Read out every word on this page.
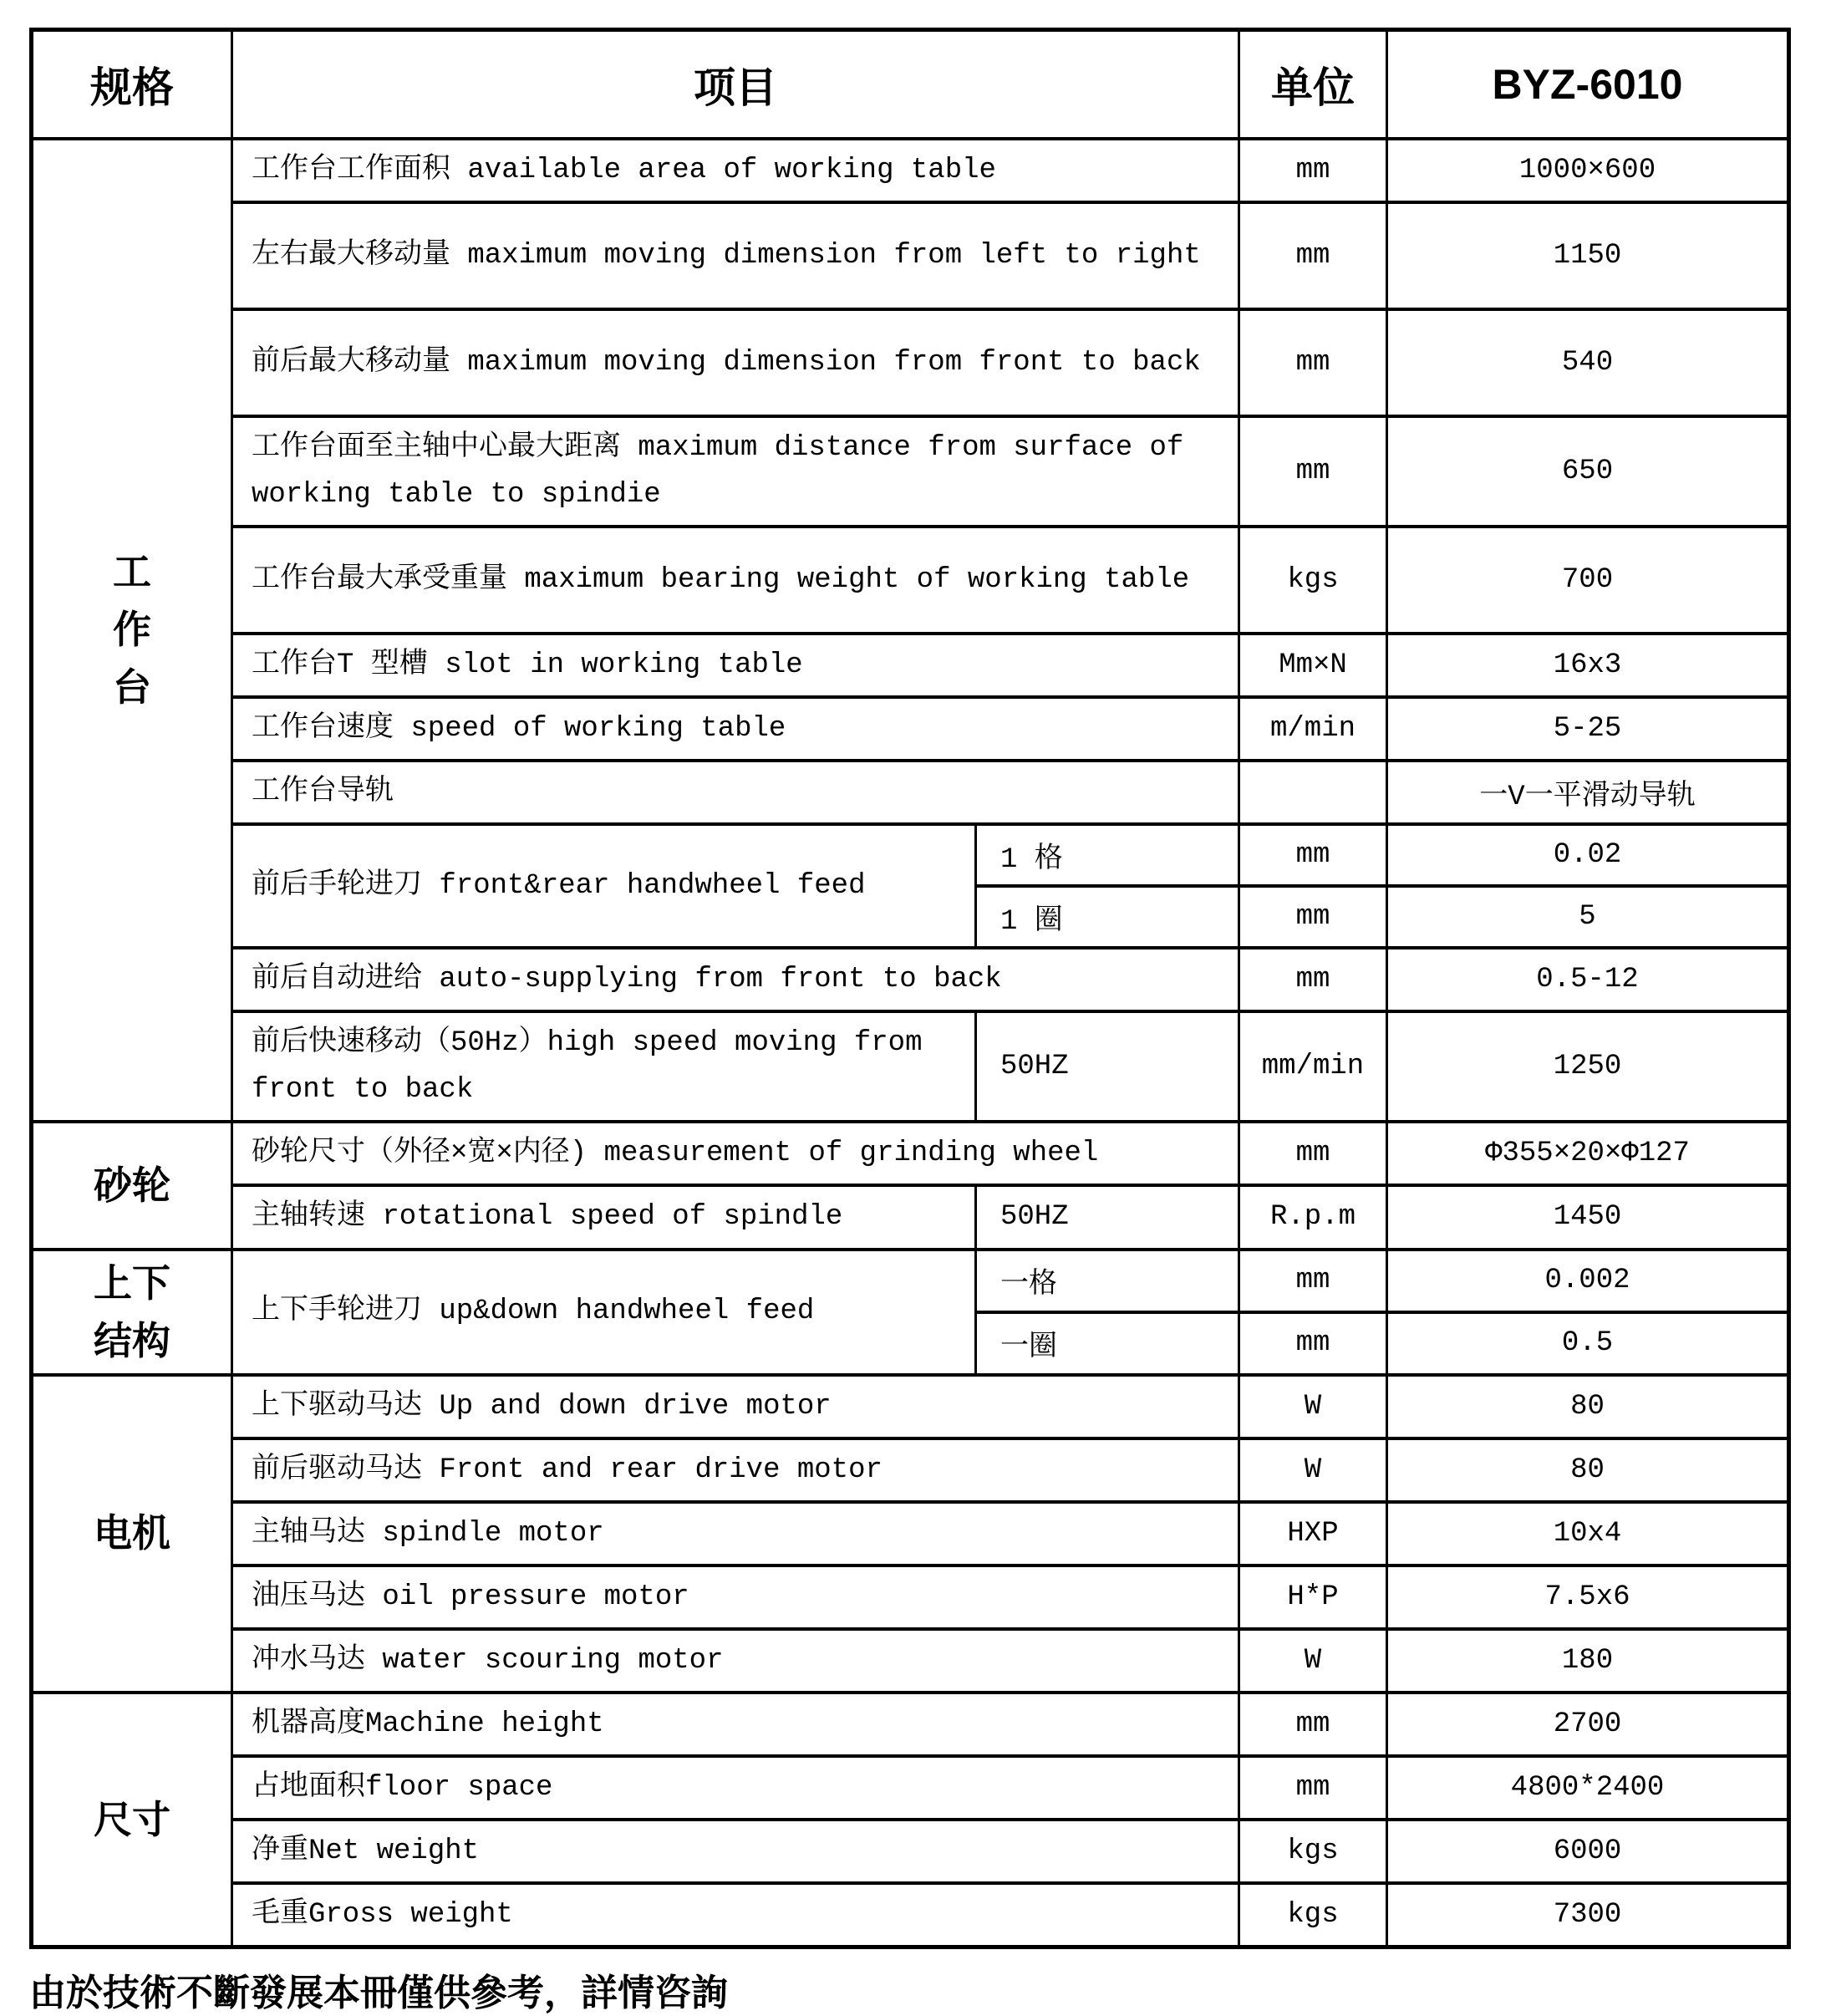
规格	项目		单位	BYZ-6010

工
作
台	工作台工作面积 available area of working table		mm	1000×600
	左右最大移动量 maximum moving dimension from left to right		mm	1150
	前后最大移动量 maximum moving dimension from front to back		mm	540
	工作台面至主轴中心最大距离 maximum distance from surface of working table to spindie		mm	650
	工作台最大承受重量 maximum bearing weight of working table		kgs	700
	工作台T 型槽 slot in working table		Mm×N	16x3
	工作台速度 speed of working table		m/min	5-25
	工作台导轨			一V一平滑动导轨
	前后手轮进刀 front&rear handwheel feed	1 格	mm	0.02
		1 圈	mm	5
	前后自动进给 auto-supplying from front to back		mm	0.5-12
	前后快速移动（50Hz）high speed moving from front to back	50HZ	mm/min	1250
砂轮	砂轮尺寸（外径×宽×内径) measurement of grinding wheel		mm	Φ355×20×Φ127
	主轴转速 rotational speed of spindle	50HZ	R.p.m	1450

上下
结构	上下手轮进刀 up&down handwheel feed	一格	mm	0.002
		一圈	mm	0.5
电机	上下驱动马达 Up and down drive motor		W	80
	前后驱动马达 Front and rear drive motor		W	80
	主轴马达 spindle motor		HXP	10x4
	油压马达 oil pressure motor		H*P	7.5x6
	冲水马达 water scouring motor		W	180
尺寸	机器高度Machine height		mm	2700
	占地面积floor space		mm	4800*2400
	净重Net weight		kgs	6000
	毛重Gross weight		kgs	7300
由於技術不斷發展本冊僅供參考，詳情咨詢
